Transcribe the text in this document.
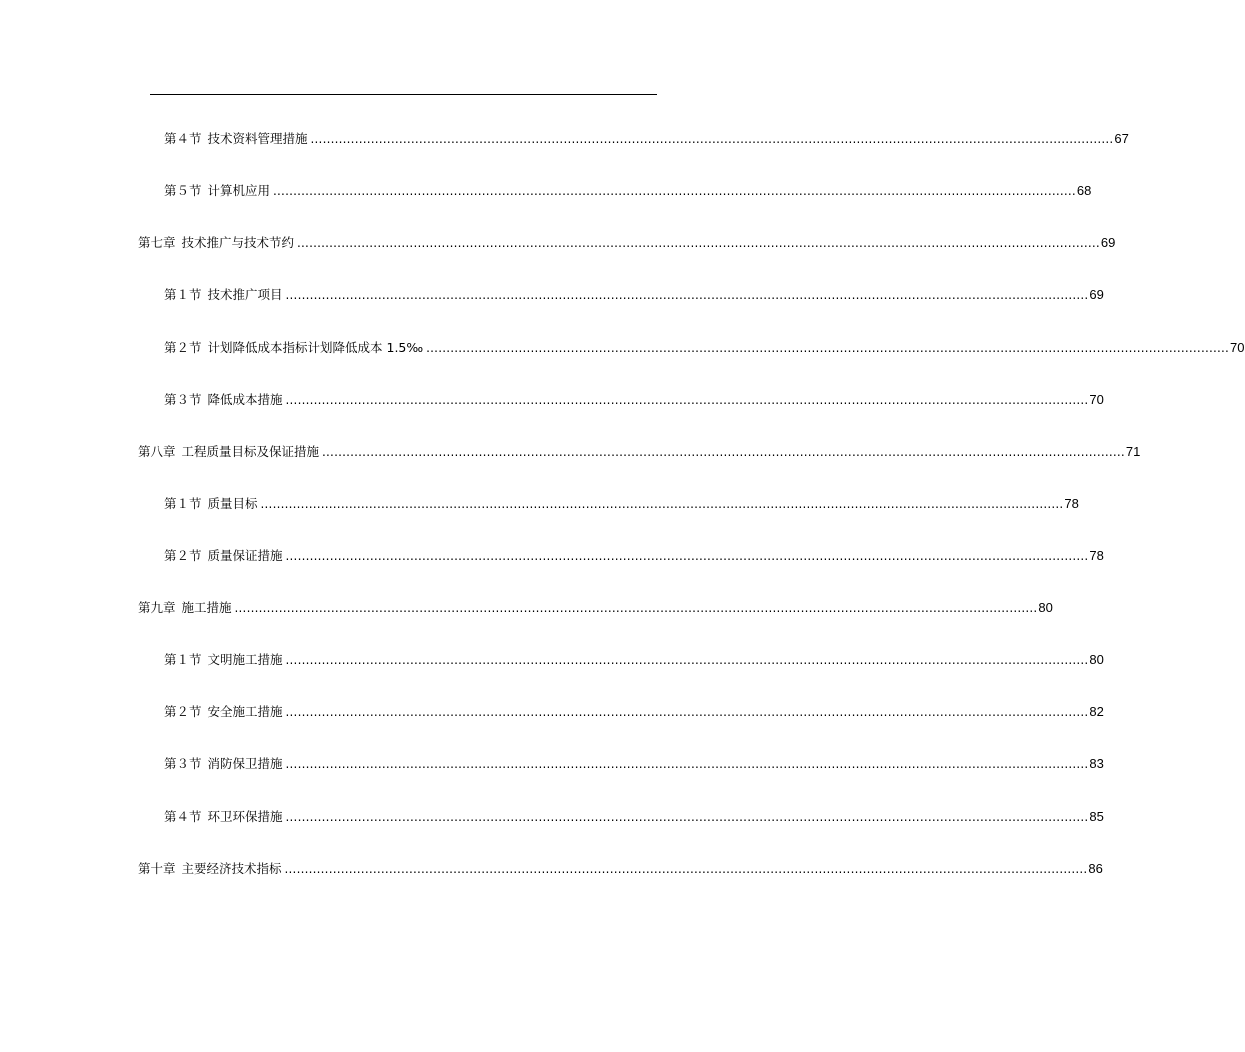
第４节 技术资料管理措施 ........................................................................................................................................................................................................ 67
第５节 计算机应用 ........................................................................................................................................................................................................ 68
第七章 技术推广与技术节约 ........................................................................................................................................................................................................ 69
第１节 技术推广项目 ........................................................................................................................................................................................................ 69
第２节 计划降低成本指标计划降低成本 1.5‰ ........................................................................................................................................................................................................ 70
第３节 降低成本措施 ........................................................................................................................................................................................................ 70
第八章 工程质量目标及保证措施 ........................................................................................................................................................................................................ 71
第１节 质量目标 ........................................................................................................................................................................................................ 78
第２节 质量保证措施 ........................................................................................................................................................................................................ 78
第九章 施工措施 ........................................................................................................................................................................................................ 80
第１节 文明施工措施 ........................................................................................................................................................................................................ 80
第２节 安全施工措施 ........................................................................................................................................................................................................ 82
第３节 消防保卫措施 ........................................................................................................................................................................................................ 83
第４节 环卫环保措施 ........................................................................................................................................................................................................ 85
第十章 主要经济技术指标 ........................................................................................................................................................................................................ 86
